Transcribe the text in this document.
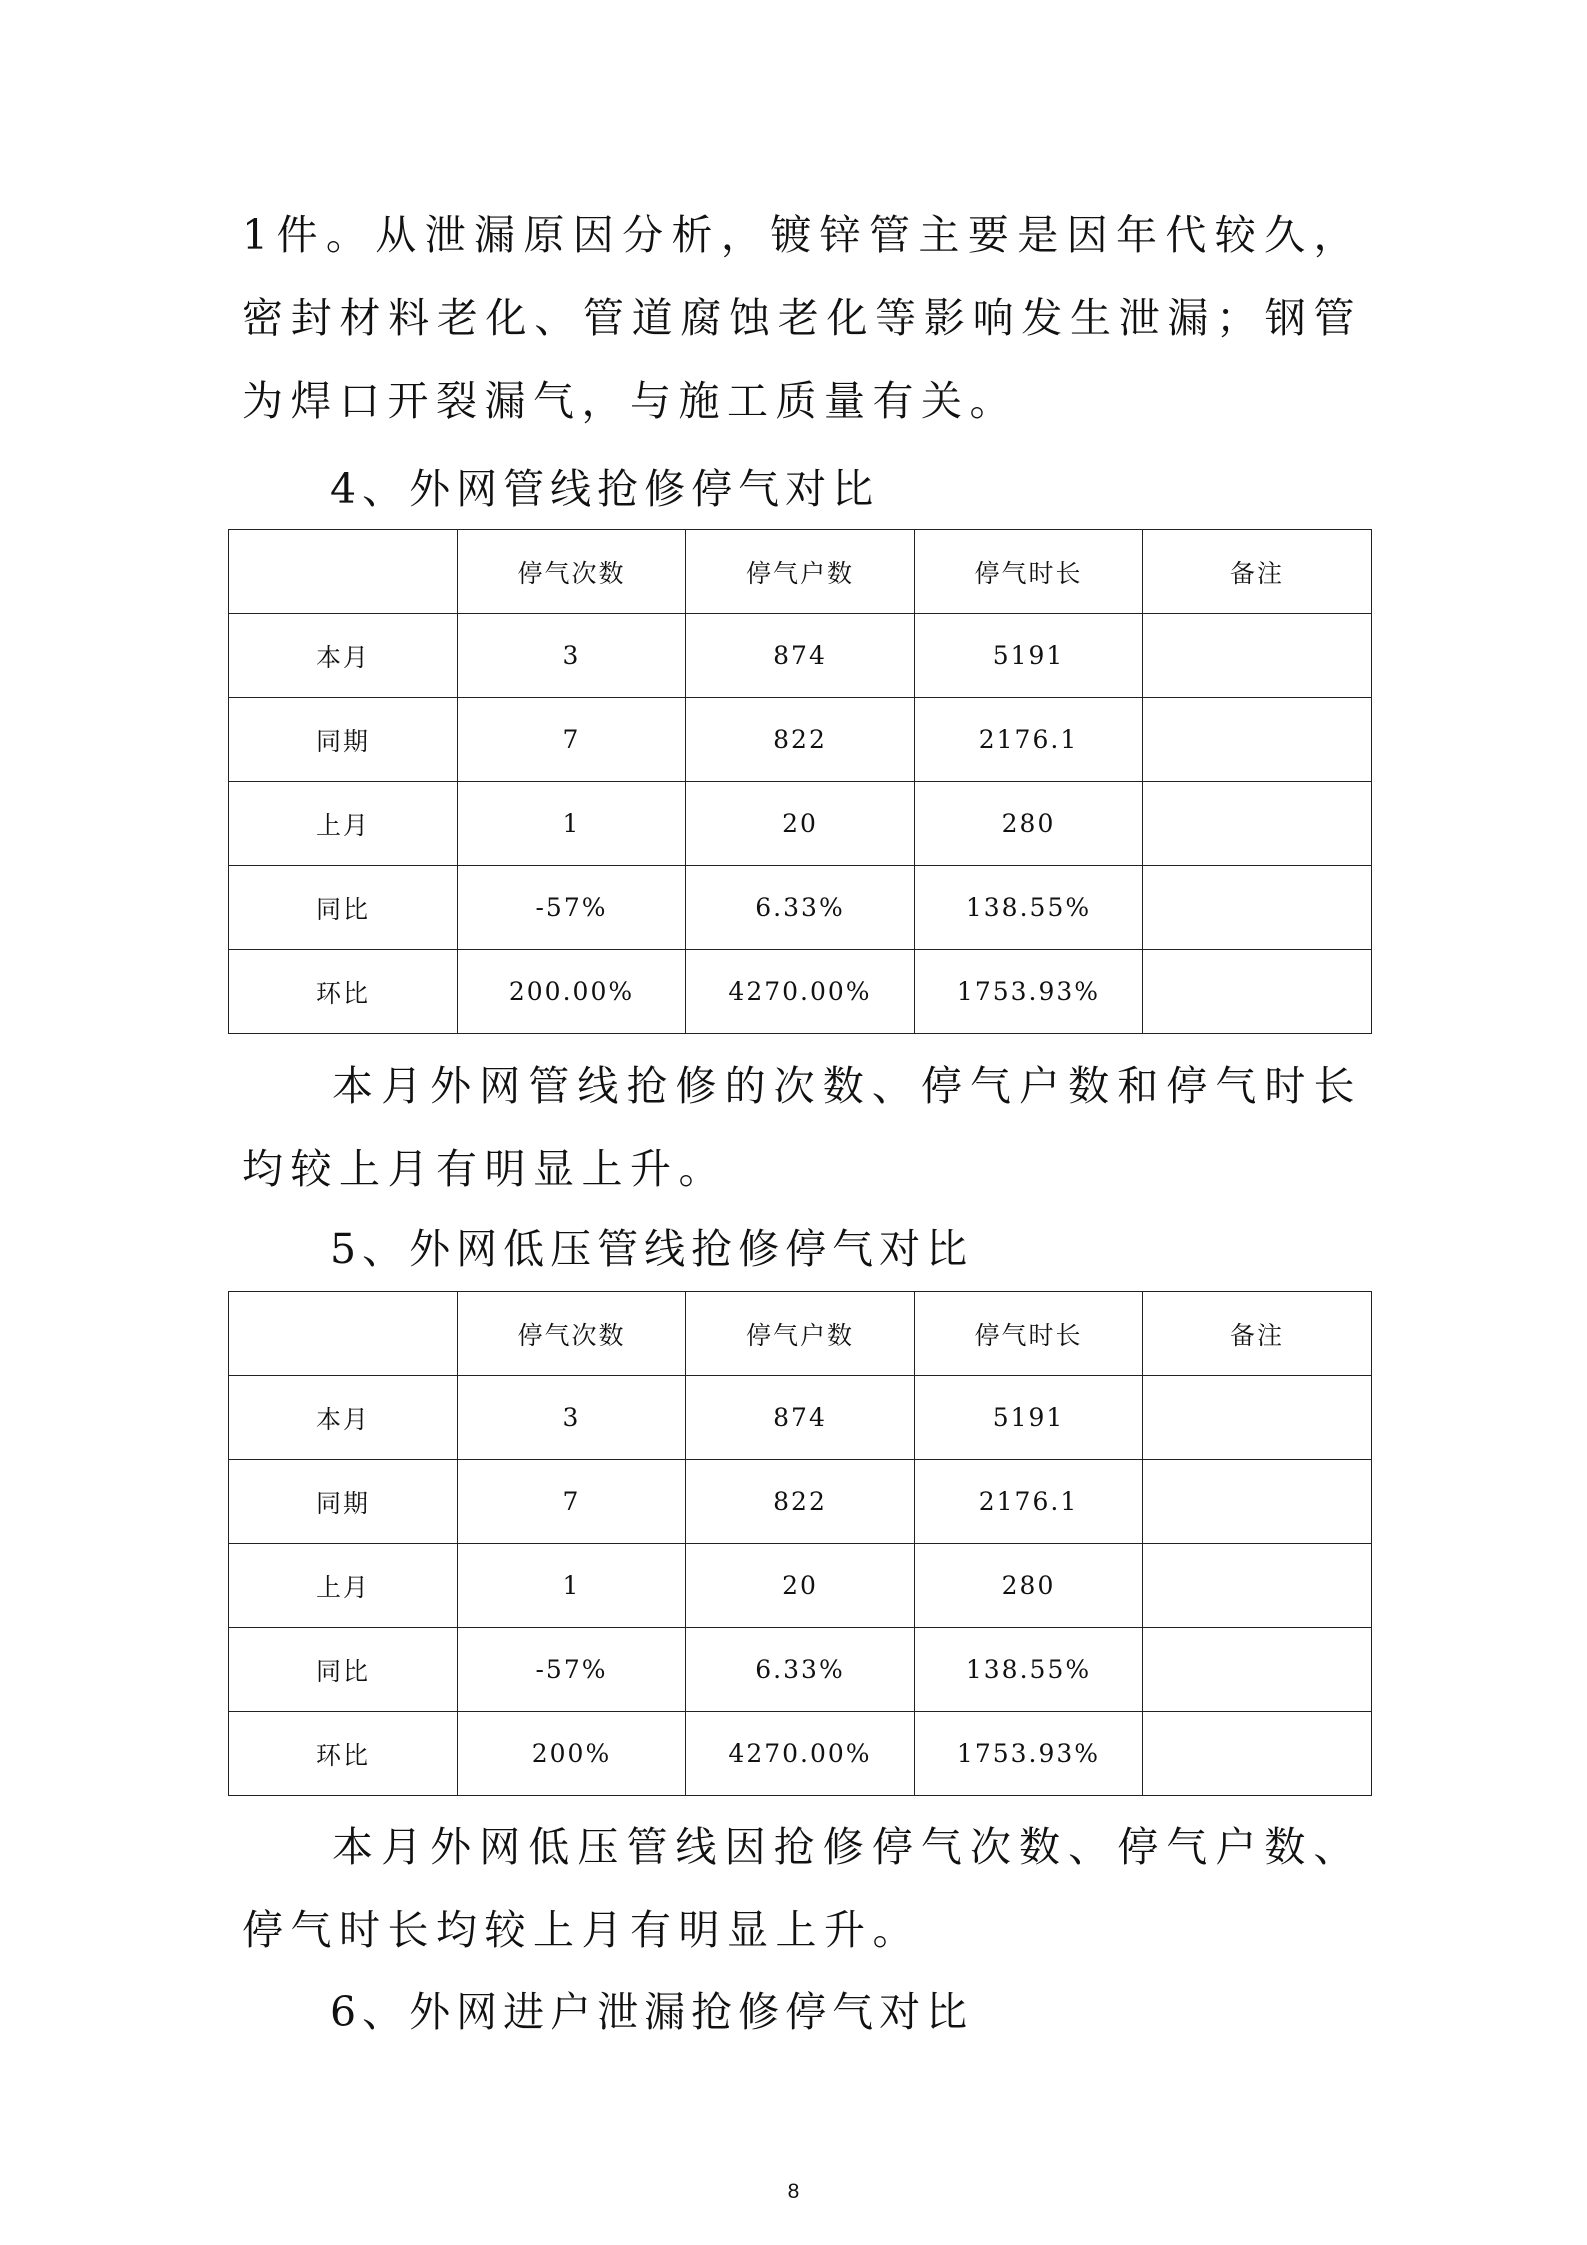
1件。从泄漏原因分析，镀锌管主要是因年代较久，密封材料老化、管道腐蚀老化等影响发生泄漏；钢管为焊口开裂漏气，与施工质量有关。

4、外网管线抢修停气对比

	停气次数	停气户数	停气时长	备注
本月	3	874	5191	
同期	7	822	2176.1	
上月	1	20	280	
同比	-57%	6.33%	138.55%	
环比	200.00%	4270.00%	1753.93%	

本月外网管线抢修的次数、停气户数和停气时长均较上月有明显上升。

5、外网低压管线抢修停气对比

	停气次数	停气户数	停气时长	备注
本月	3	874	5191	
同期	7	822	2176.1	
上月	1	20	280	
同比	-57%	6.33%	138.55%	
环比	200%	4270.00%	1753.93%	

本月外网低压管线因抢修停气次数、停气户数、停气时长均较上月有明显上升。

6、外网进户泄漏抢修停气对比

8
